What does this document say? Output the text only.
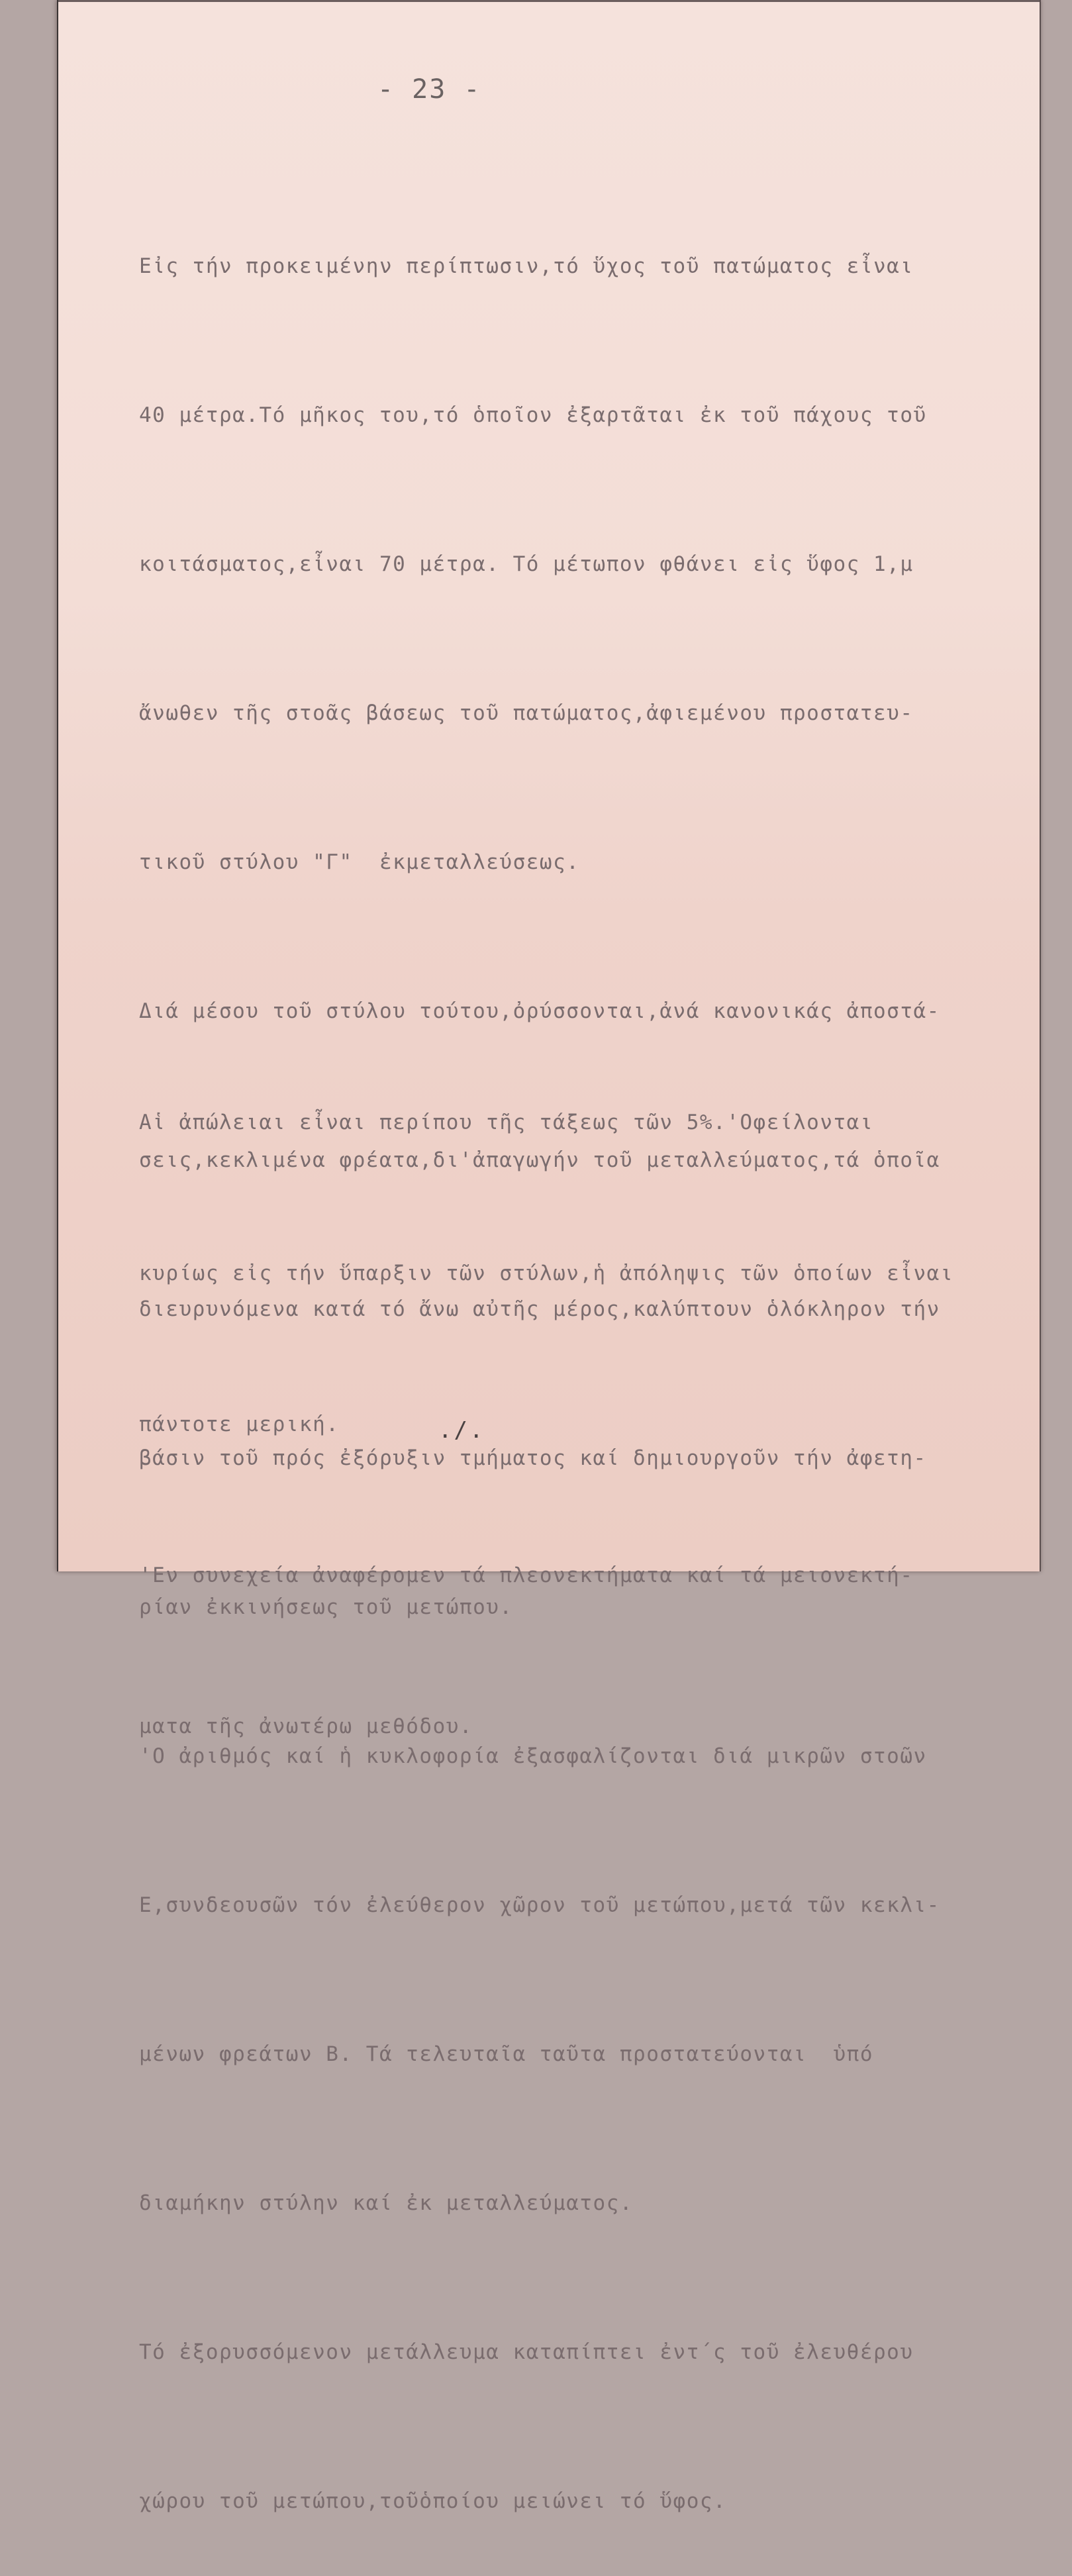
- 23 -

Εἰς τήν προκειμένην περίπτωσιν,τό ὕχος τοῦ πατώματος εἶναι

40 μέτρα.Τό μῆκος του,τό ὁποῖον ἐξαρτᾶται ἐκ τοῦ πάχους τοῦ

κοιτάσματος,εἶναι 70 μέτρα. Τό μέτωπον φθάνει εἰς ὕφος 1,μ

ἄνωθεν τῆς στοᾶς βάσεως τοῦ πατώματος,ἀφιεμένου προστατευ-

τικοῦ στύλου "Γ"  ἐκμεταλλεύσεως.

Διά μέσου τοῦ στύλου τούτου,ὀρύσσονται,ἀνά κανονικάς ἀποστά-

σεις,κεκλιμένα φρέατα,δι'ἀπαγωγήν τοῦ μεταλλεύματος,τά ὁποῖα

διευρυνόμενα κατά τό ἄνω αὐτῆς μέρος,καλύπτουν ὁλόκληρον τήν

βάσιν τοῦ πρός ἐξόρυξιν τμήματος καί δημιουργοῦν τήν ἀφετη-

ρίαν ἐκκινήσεως τοῦ μετώπου.

'Ο ἀριθμός καί ἡ κυκλοφορία ἐξασφαλίζονται διά μικρῶν στοῶν

Ε,συνδεουσῶν τόν ἐλεύθερον χῶρον τοῦ μετώπου,μετά τῶν κεκλι-

μένων φρεάτων Β. Τά τελευταῖα ταῦτα προστατεύονται  ὑπό

διαμήκην στύλην καί ἐκ μεταλλεύματος.

Τό ἐξορυσσόμενον μετάλλευμα καταπίπτει ἐντ΄ς τοῦ ἐλευθέρου

χώρου τοῦ μετώπου,τοῦὁποίου μειώνει τό ὕφος.

Αἱ ἀπώλειαι εἶναι περίπου τῆς τάξεως τῶν 5%.'Οφείλονται

κυρίως εἰς τήν ὕπαρξιν τῶν στύλων,ἡ ἀπόληψις τῶν ὁποίων εἶναι

πάντοτε μερική.

'Εν συνεχεία ἀναφέρομεν τά πλεονεκτήματα καί τά μειονεκτή-

ματα τῆς ἀνωτέρω μεθόδου.

./.
